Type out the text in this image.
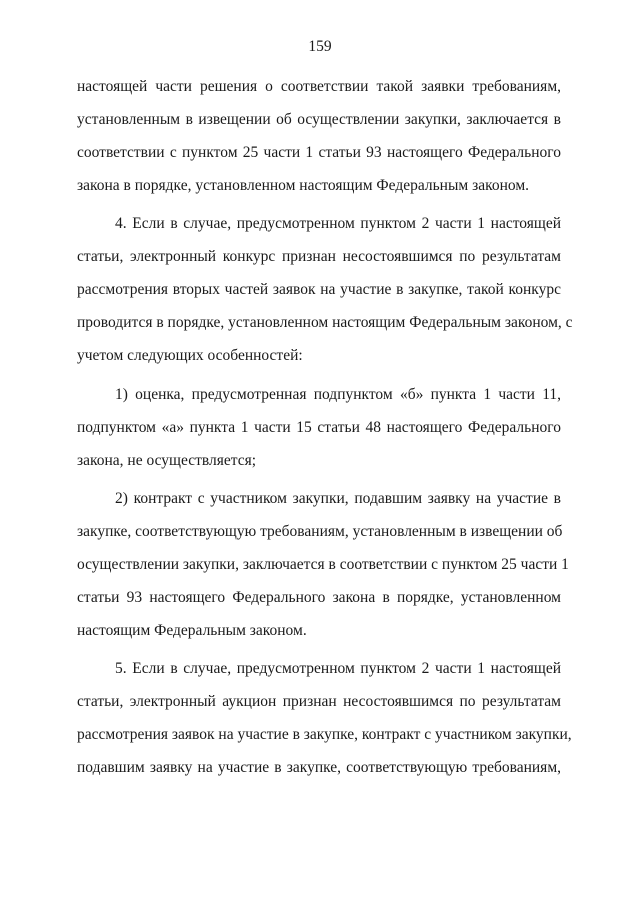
159
настоящей части решения о соответствии такой заявки требованиям,
установленным в извещении об осуществлении закупки, заключается в
соответствии с пунктом 25 части 1 статьи 93 настоящего Федерального
закона в порядке, установленном настоящим Федеральным законом.
4. Если в случае, предусмотренном пунктом 2 части 1 настоящей
статьи, электронный конкурс признан несостоявшимся по результатам
рассмотрения вторых частей заявок на участие в закупке, такой конкурс
проводится в порядке, установленном настоящим Федеральным законом, с
учетом следующих особенностей:
1) оценка, предусмотренная подпунктом «б» пункта 1 части 11,
подпунктом «а» пункта 1 части 15 статьи 48 настоящего Федерального
закона, не осуществляется;
2) контракт с участником закупки, подавшим заявку на участие в
закупке, соответствующую требованиям, установленным в извещении об
осуществлении закупки, заключается в соответствии с пунктом 25 части 1
статьи 93 настоящего Федерального закона в порядке, установленном
настоящим Федеральным законом.
5. Если в случае, предусмотренном пунктом 2 части 1 настоящей
статьи, электронный аукцион признан несостоявшимся по результатам
рассмотрения заявок на участие в закупке, контракт с участником закупки,
подавшим заявку на участие в закупке, соответствующую требованиям,
